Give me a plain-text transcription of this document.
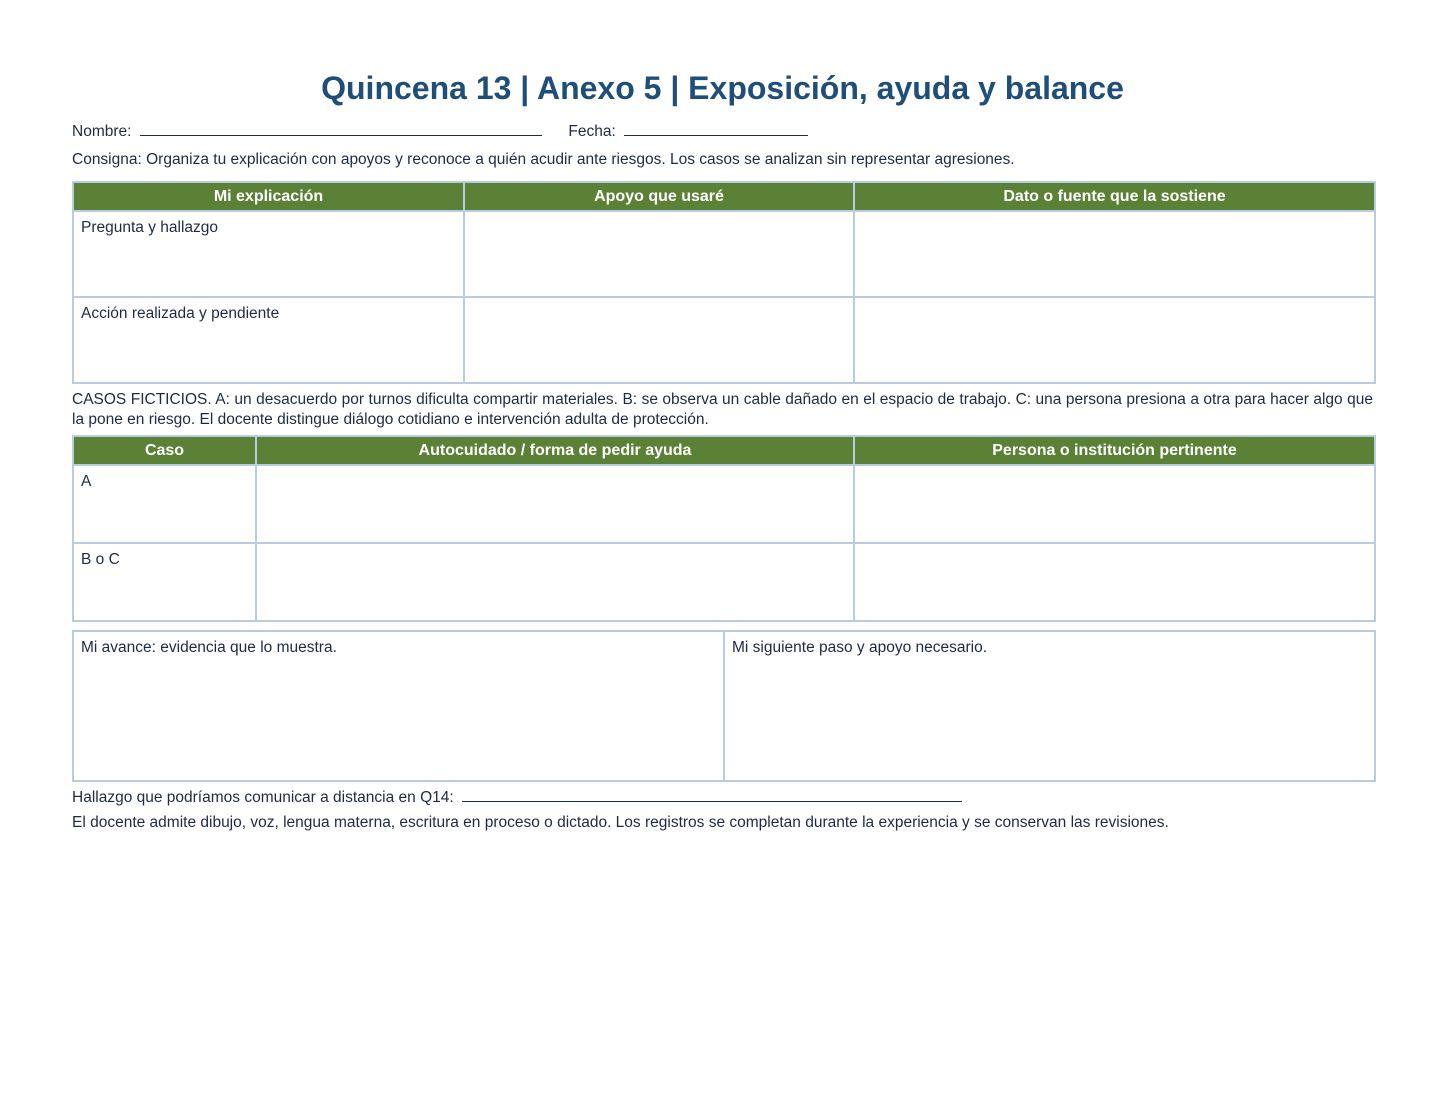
Quincena 13 | Anexo 5 | Exposición, ayuda y balance
Nombre:	Fecha:
Consigna: Organiza tu explicación con apoyos y reconoce a quién acudir ante riesgos. Los casos se analizan sin representar agresiones.
Mi explicación	Apoyo que usaré	Dato o fuente que la sostiene
Pregunta y hallazgo		
Acción realizada y pendiente		
CASOS FICTICIOS. A: un desacuerdo por turnos dificulta compartir materiales. B: se observa un cable dañado en el espacio de trabajo. C: una persona presiona a otra para hacer algo que la pone en riesgo. El docente distingue diálogo cotidiano e intervención adulta de protección.
Caso	Autocuidado / forma de pedir ayuda	Persona o institución pertinente
A		
B o C		
Mi avance: evidencia que lo muestra.	Mi siguiente paso y apoyo necesario.
Hallazgo que podríamos comunicar a distancia en Q14:
El docente admite dibujo, voz, lengua materna, escritura en proceso o dictado. Los registros se completan durante la experiencia y se conservan las revisiones.
